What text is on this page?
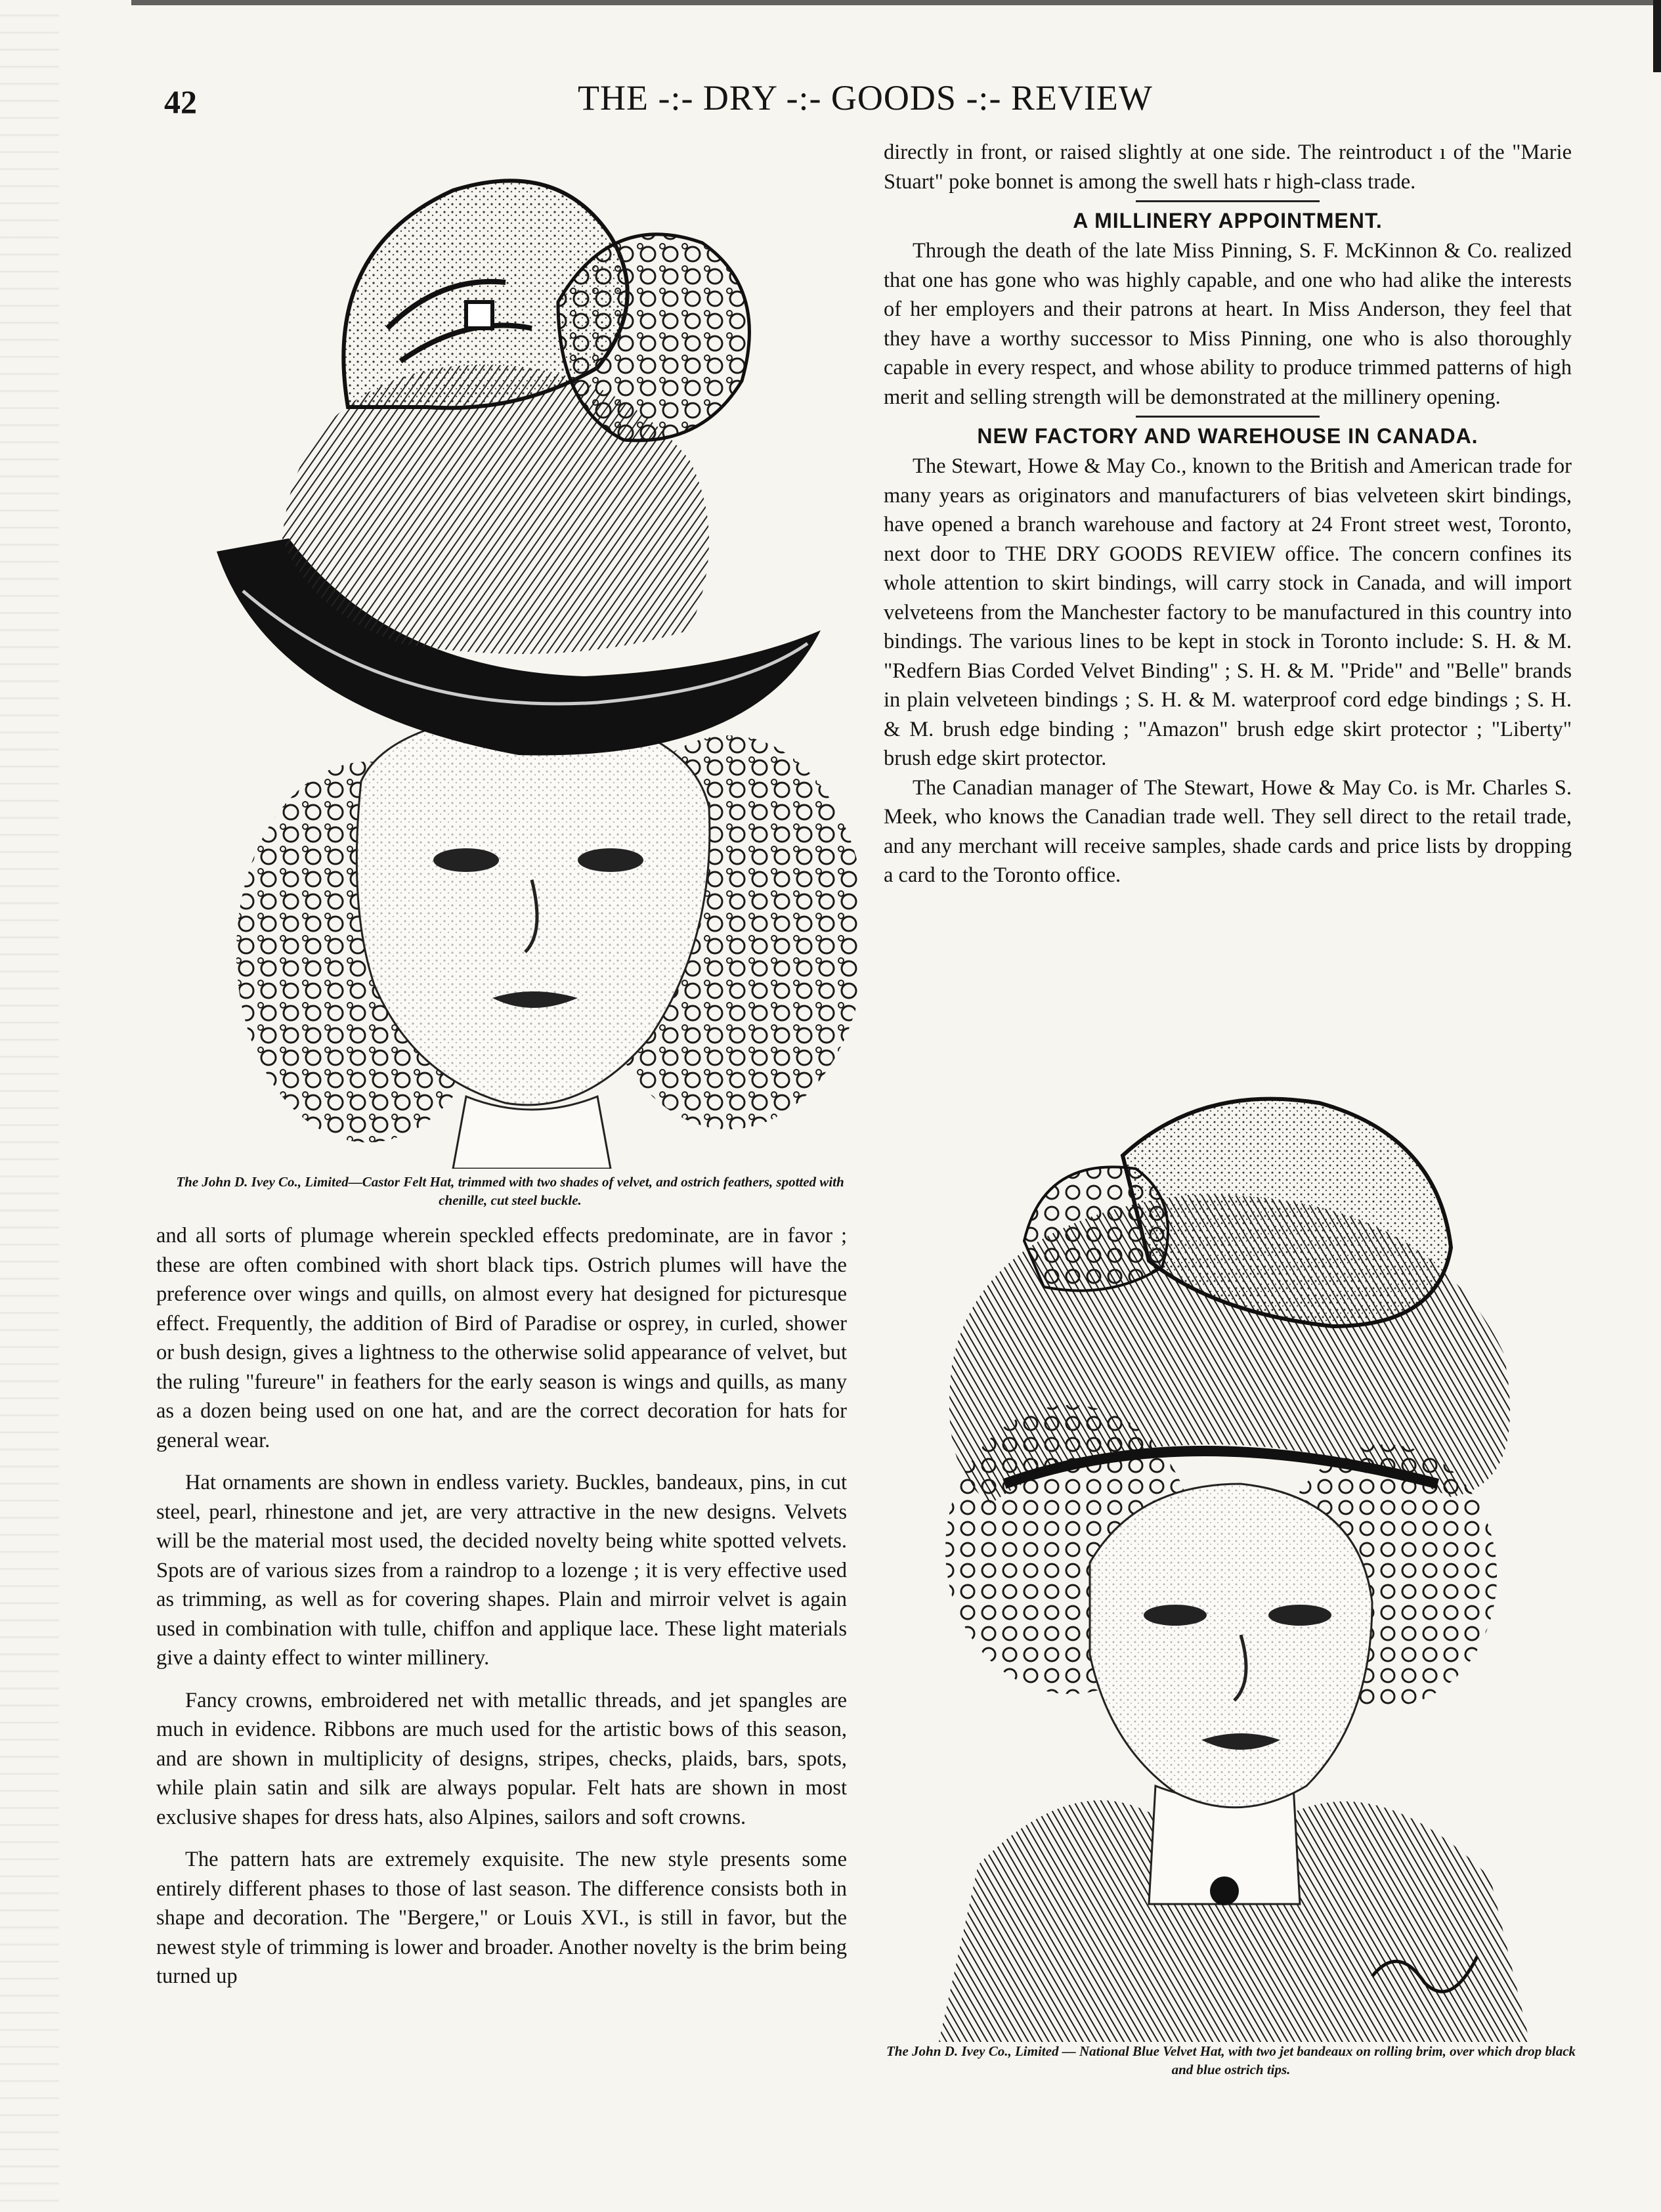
42	THE -:- DRY -:- GOODS -:- REVIEW
The John D. Ivey Co., Limited—Castor Felt Hat, trimmed with two shades of velvet, and ostrich feathers, spotted with chenille, cut steel buckle.
The John D. Ivey Co., Limited — National Blue Velvet Hat, with two jet bandeaux on rolling brim, over which drop black and blue ostrich tips.

and all sorts of plumage wherein speckled effects predominate, are in favor ; these are often combined with short black tips. Ostrich plumes will have the preference over wings and quills, on almost every hat designed for picturesque effect. Frequently, the addition of Bird of Paradise or osprey, in curled, shower or bush design, gives a lightness to the otherwise solid appearance of velvet, but the ruling "fureure" in feathers for the early season is wings and quills, as many as a dozen being used on one hat, and are the correct decoration for hats for general wear.

Hat ornaments are shown in endless variety. Buckles, bandeaux, pins, in cut steel, pearl, rhinestone and jet, are very attractive in the new designs. Velvets will be the material most used, the decided novelty being white spotted velvets. Spots are of various sizes from a raindrop to a lozenge ; it is very effective used as trimming, as well as for covering shapes. Plain and mirroir velvet is again used in combination with tulle, chiffon and applique lace. These light materials give a dainty effect to winter millinery.

Fancy crowns, embroidered net with metallic threads, and jet spangles are much in evidence. Ribbons are much used for the artistic bows of this season, and are shown in multiplicity of designs, stripes, checks, plaids, bars, spots, while plain satin and silk are always popular. Felt hats are shown in most exclusive shapes for dress hats, also Alpines, sailors and soft crowns.

The pattern hats are extremely exquisite. The new style presents some entirely different phases to those of last season. The difference consists both in shape and decoration. The "Bergere," or Louis XVI., is still in favor, but the newest style of trimming is lower and broader. Another novelty is the brim being turned up

directly in front, or raised slightly at one side. The reintroduct ı of the "Marie Stuart" poke bonnet is among the swell hats r high-class trade.

A MILLINERY APPOINTMENT.

Through the death of the late Miss Pinning, S. F. McKinnon & Co. realized that one has gone who was highly capable, and one who had alike the interests of her employers and their patrons at heart. In Miss Anderson, they feel that they have a worthy successor to Miss Pinning, one who is also thoroughly capable in every respect, and whose ability to produce trimmed patterns of high merit and selling strength will be demonstrated at the millinery opening.

NEW FACTORY AND WAREHOUSE IN CANADA.

The Stewart, Howe & May Co., known to the British and American trade for many years as originators and manufacturers of bias velveteen skirt bindings, have opened a branch warehouse and factory at 24 Front street west, Toronto, next door to THE DRY GOODS REVIEW office. The concern confines its whole attention to skirt bindings, will carry stock in Canada, and will import velveteens from the Manchester factory to be manufactured in this country into bindings. The various lines to be kept in stock in Toronto include: S. H. & M. "Redfern Bias Corded Velvet Binding" ; S. H. & M. "Pride" and "Belle" brands in plain velveteen bindings ; S. H. & M. waterproof cord edge bindings ; S. H. & M. brush edge binding ; "Amazon" brush edge skirt protector ; "Liberty" brush edge skirt protector.

The Canadian manager of The Stewart, Howe & May Co. is Mr. Charles S. Meek, who knows the Canadian trade well. They sell direct to the retail trade, and any merchant will receive samples, shade cards and price lists by dropping a card to the Toronto office.
